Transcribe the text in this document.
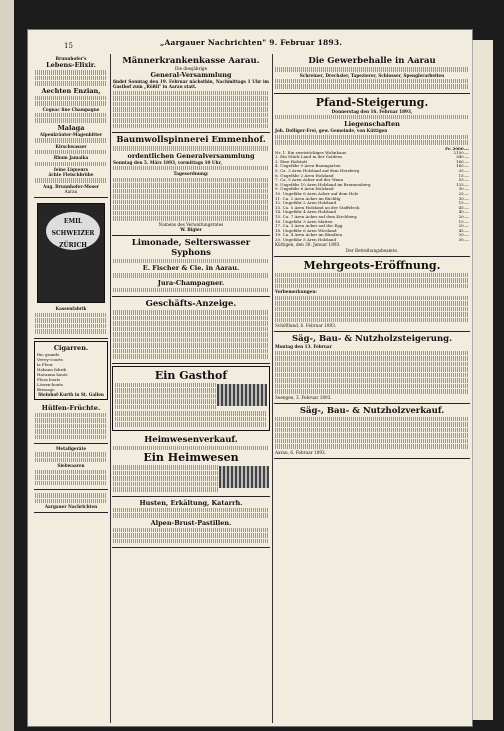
15	„Aargauer Nachrichten" 9. Februar 1893.
Brunnhofer's
Lebens-Elixir.
Aechten Enzian,
Cognac fine Champagne
Malaga
Alpenkräuter-Magenbitter
Kirschwasser
Rhum Jamaika
feine Liqueurs
ächte Fleischbrühe
Aug. Brunnhofer-Moser
Aarau
EMIL SCHWEIZER ZÜRICH
Kassenfabrik
Cigarren.
Rio grande
Vevey-courts
la Fleur
Habana fabrik
Havanna bouts
Flora bouts
Löwen-bouts
Brissago
Steinhof-Kurth in St. Gallen
Hülfen-Früchte.
Metallgeräte
Siebwaaren
Aargauer Nachrichten
Männerkrankenkasse Aarau.
Die diesjährige
General-Versammlung
findet Sonntag den 19. Februar nächsthin, Nachmittags 1 Uhr im Gasthof zum „Rößli" in Aarau statt.
Baumwollspinnerei Emmenhof.
ordentlichen Generalversammlung
Sonntag den 5. März 1893, vormittags 10 Uhr,
Tagesordnung:
Namens des Verwaltungsrates
W. Bigier
Limonade, Selterswasser Syphons
E. Fischer & Cie. in Aarau.
Jura-Champagner.
Geschäfts-Anzeige.
Ein Gasthof
Heimwesenverkauf.
Ein Heimwesen
Husten, Erkältung, Katarrh.
Alpen-Brust-Pastillen.
Die Gewerbehalle in Aarau
Schreiner, Drechsler, Tapezierer, Schlosser, Spenglerarbeiten
Pfand-Steigerung.
Donnerstag den 16. Februar 1893,
Liegenschaften
Joh. Dolliger-Frei, gew. Gemeinde, von Küttigen
Fr. 2000.—
Nr. 1. Ein zweistöckiges Wohnhaus	2150.—
2. Ein Stück Land in der Goldern	340.—
3. Eine Hofstatt	160.—
4. Ungefähr 9 Aren Baumgarten	165.—
5. Ca. 3 Aren Holzland auf dem Herzberg	35.—
6. Ungefähr 2 Aren Holzland	15.—
7. Ca. 5 Aren Acker auf der Wann	55.—
8. Ungefähr 10 Aren Holzland im Brunnenberg	125.—
9. Ungefähr 6 Aren Holzland	30.—
10. Ungefähr 6 Aren Acker auf dem Holz	25.—
11. Ca. 2 Aren Acker im Rüchlig	30.—
12. Ungefähr 2 Aren Holzland	15.—
13. Ca. 5 Aren Holzland an der Staffeleck	45.—
14. Ungefähr 4 Aren Holzland	40.—
15. Ca. 7 Aren Acker auf dem Kirchberg	20.—
16. Ungefähr 3 Aren Matten	15.—
17. Ca. 3 Aren Acker auf der Egg	20.—
18. Ungefähr 6 Aren Wiesland	45.—
19. Ca. 4 Aren Acker im Bündten	20.—
20. Ungefähr 5 Aren Holzland	30.—
Küttigen, den 30. Januar 1893.
Der Betreibungsbeamte.
Mehrgeots-Eröffnung.
Vorbemerkungen:
Schöftland, 6. Februar 1893.
Säg-, Bau- & Nutzholzsteigerung.
Montag den 13. Februar
Seengen, 3. Februar 1893.
Säg-, Bau- & Nutzholzverkauf.
Aarau, 6. Februar 1893.
